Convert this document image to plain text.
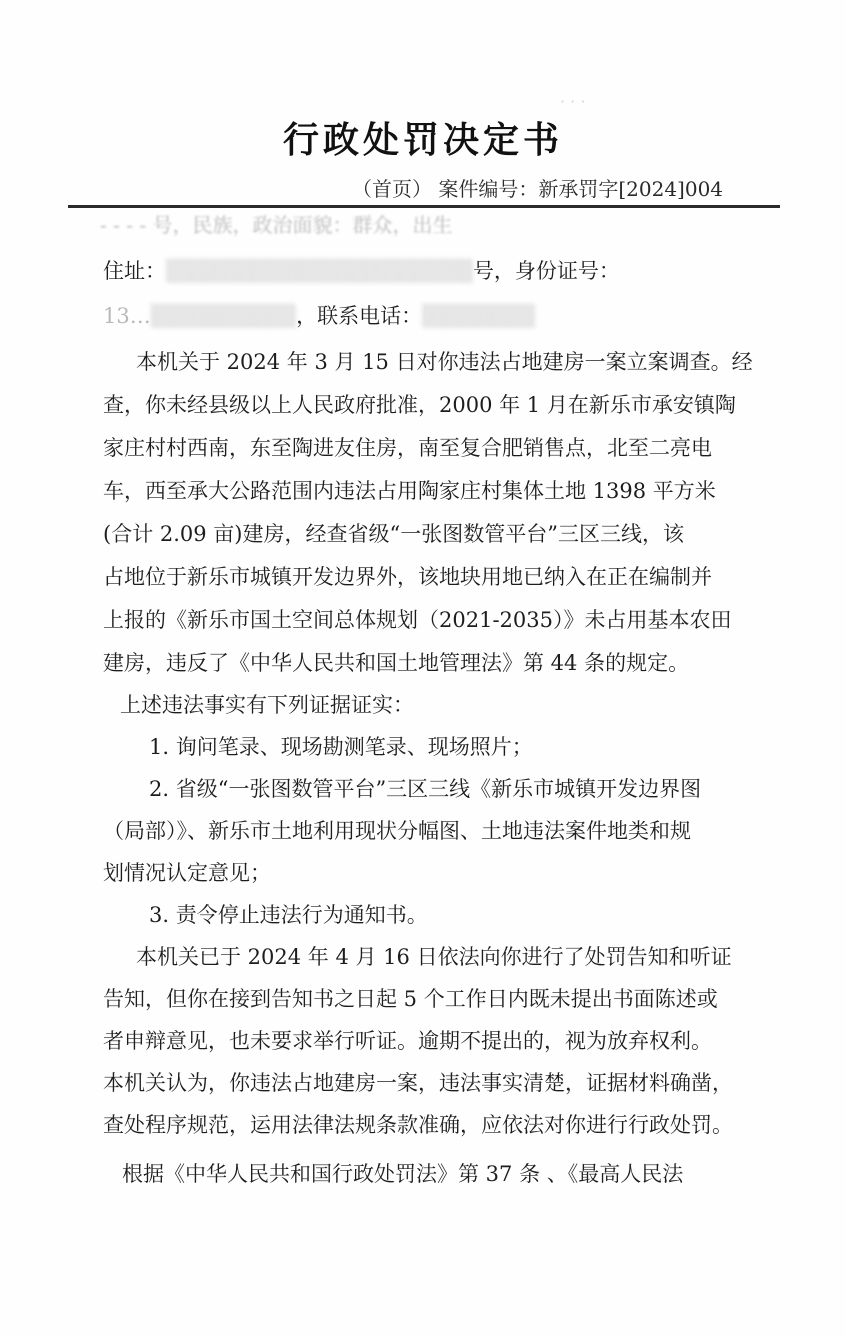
· · ·
行政处罚决定书
（首页） 案件编号：新承罚字[2024]004
- - - - 号，民族，政治面貌：群众，出生
住址：▒▒▒▒▒▒▒▒▒▒▒▒▒▒▒▒▒▒▒号，身份证号：
13…▒▒▒▒▒▒▒▒▒，联系电话：▒▒▒▒▒▒▒
本机关于 2024 年 3 月 15 日对你违法占地建房一案立案调查。经
查，你未经县级以上人民政府批准，2000 年 1 月在新乐市承安镇陶
家庄村村西南，东至陶进友住房，南至复合肥销售点，北至二亮电
车，西至承大公路范围内违法占用陶家庄村集体土地 1398 平方米
(合计 2.09 亩)建房，经查省级“一张图数管平台”三区三线，该
占地位于新乐市城镇开发边界外，该地块用地已纳入在正在编制并
上报的《新乐市国土空间总体规划（2021-2035）》未占用基本农田
建房，违反了《中华人民共和国土地管理法》第 44 条的规定。
上述违法事实有下列证据证实：
1. 询问笔录、现场勘测笔录、现场照片；
2. 省级“一张图数管平台”三区三线《新乐市城镇开发边界图
（局部）》、新乐市土地利用现状分幅图、土地违法案件地类和规
划情况认定意见；
3. 责令停止违法行为通知书。
本机关已于 2024 年 4 月 16 日依法向你进行了处罚告知和听证
告知，但你在接到告知书之日起 5 个工作日内既未提出书面陈述或
者申辩意见，也未要求举行听证。逾期不提出的，视为放弃权利。
本机关认为，你违法占地建房一案，违法事实清楚，证据材料确凿，
查处程序规范，运用法律法规条款准确，应依法对你进行行政处罚。
根据《中华人民共和国行政处罚法》第 37 条 、《最高人民法
